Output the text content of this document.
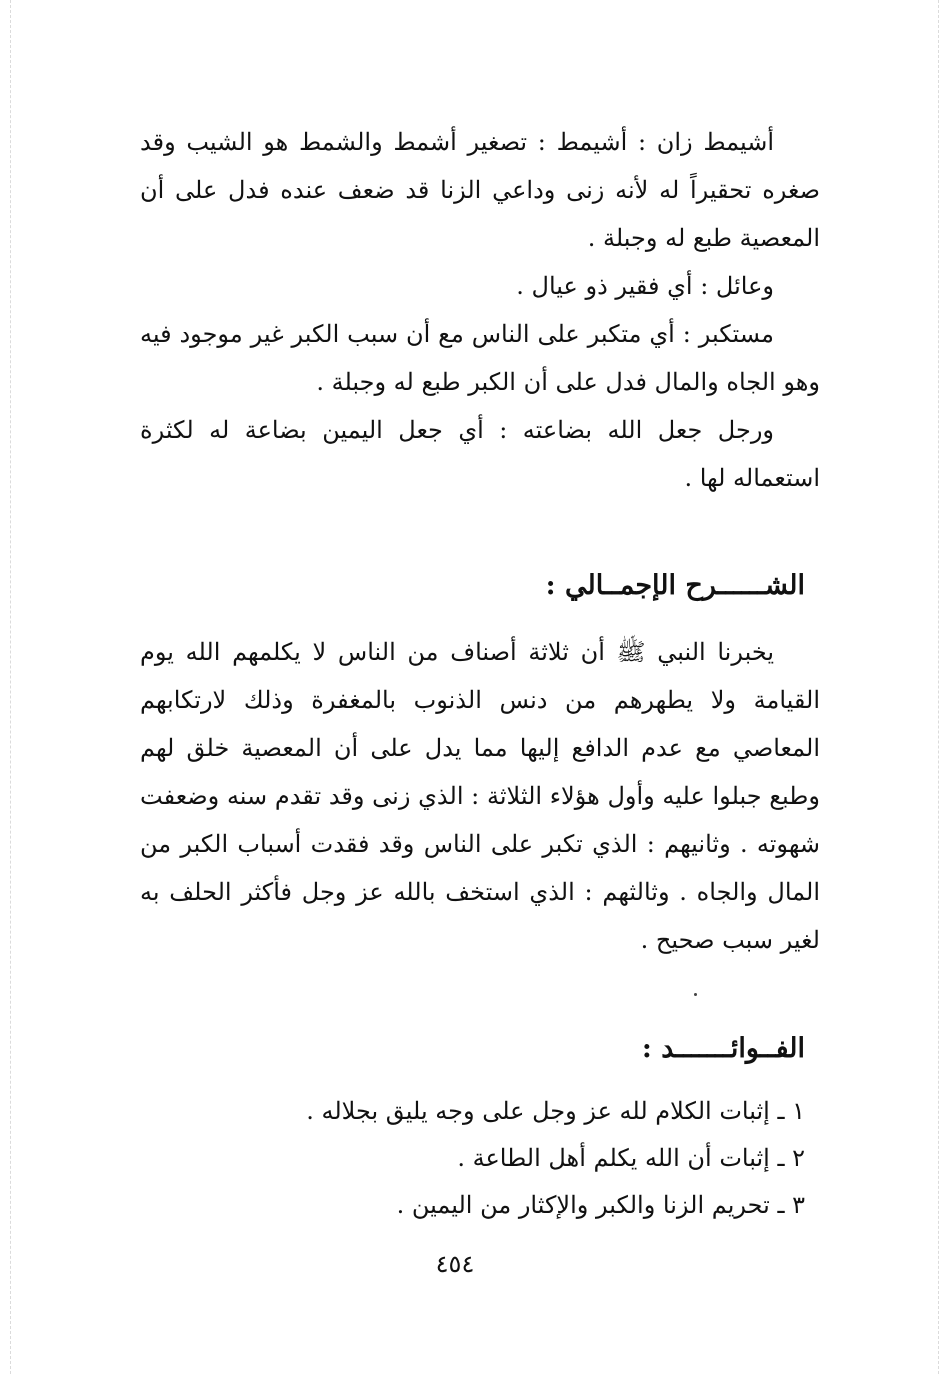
أشيمط زان : أشيمط : تصغير أشمط والشمط هو الشيب وقد صغره تحقيراً له لأنه زنى وداعي الزنا قد ضعف عنده فدل على أن المعصية طبع له وجبلة .

وعائل : أي فقير ذو عيال .

مستكبر : أي متكبر على الناس مع أن سبب الكبر غير موجود فيه وهو الجاه والمال فدل على أن الكبر طبع له وجبلة .

ورجل جعل الله بضاعته : أي جعل اليمين بضاعة له لكثرة استعماله لها .

الشــــــرح الإجمــالي :

يخبرنا النبي ﷺ أن ثلاثة أصناف من الناس لا يكلمهم الله يوم القيامة ولا يطهرهم من دنس الذنوب بالمغفرة وذلك لارتكابهم المعاصي مع عدم الدافع إليها مما يدل على أن المعصية خلق لهم وطبع جبلوا عليه وأول هؤلاء الثلاثة : الذي زنى وقد تقدم سنه وضعفت شهوته . وثانيهم : الذي تكبر على الناس وقد فقدت أسباب الكبر من المال والجاه . وثالثهم : الذي استخف بالله عز وجل فأكثر الحلف به لغير سبب صحيح .

الفــوائـــــــد :
١ ـ إثبات الكلام لله عز وجل على وجه يليق بجلاله .
٢ ـ إثبات أن الله يكلم أهل الطاعة .
٣ ـ تحريم الزنا والكبر والإكثار من اليمين .
٤٥٤
